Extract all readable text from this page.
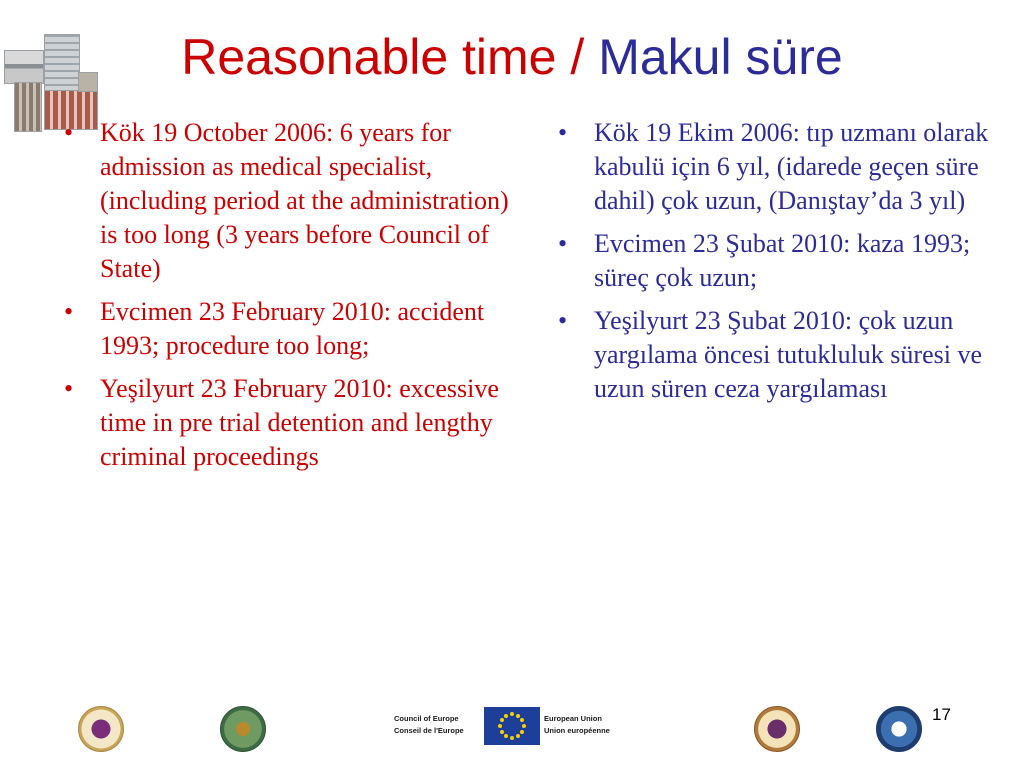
Reasonable time / Makul süre
• Kök 19 October 2006: 6 years for admission as medical specialist, (including period at the administration) is too long (3 years before Council of State)
• Evcimen 23 February 2010: accident 1993; procedure too long;
• Yeşilyurt 23 February 2010: excessive time in pre trial detention and lengthy criminal proceedings
• Kök 19 Ekim 2006: tıp uzmanı olarak kabulü için 6 yıl, (idarede geçen süre dahil) çok uzun, (Danıştay’da 3 yıl)
• Evcimen 23 Şubat 2010: kaza 1993; süreç çok uzun;
• Yeşilyurt 23 Şubat 2010: çok uzun yargılama öncesi tutukluluk süresi ve uzun süren ceza yargılaması
17
Council of Europe
Conseil de l'Europe
European Union
Union européenne
